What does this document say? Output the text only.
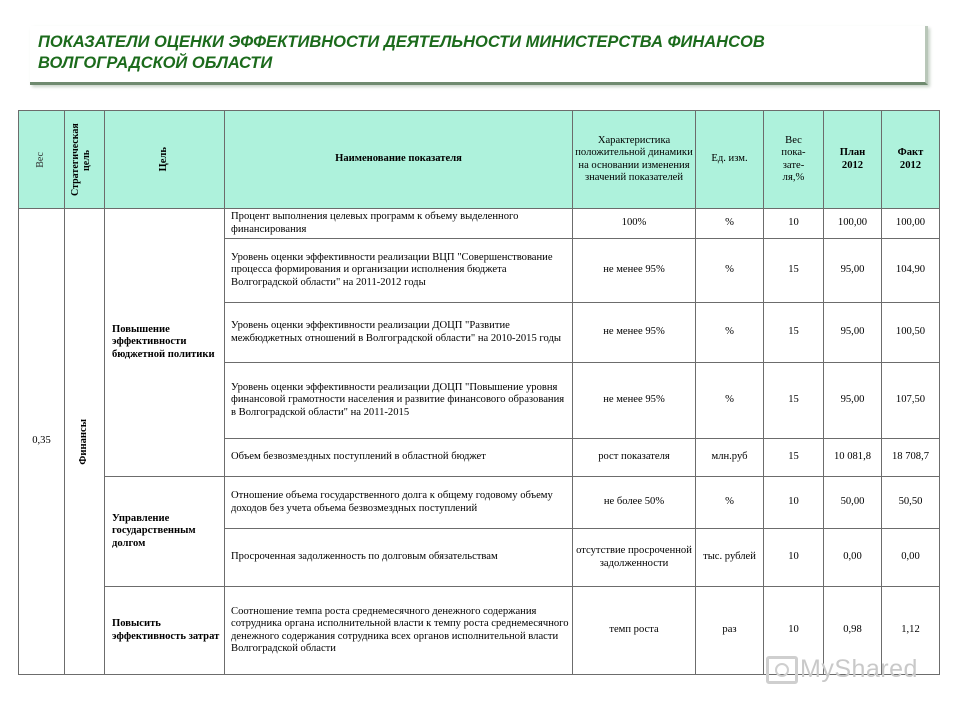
ПОКАЗАТЕЛИ ОЦЕНКИ ЭФФЕКТИВНОСТИ ДЕЯТЕЛЬНОСТИ МИНИСТЕРСТВА ФИНАНСОВ ВОЛГОГРАДСКОЙ ОБЛАСТИ
Вес	Стратегическая цель	Цель	Наименование показателя	Характеристика положительной динамики на основании изменения значений показателей	Ед. изм.	Вес пока- зате- ля,%	План 2012	Факт 2012
0,35	Финансы	Повышение эффективности бюджетной политики	Процент выполнения целевых программ к объему выделенного финансирования	100%	%	10	100,00	100,00
			Уровень оценки эффективности реализации ВЦП "Совершенствование процесса формирования и организации исполнения бюджета Волгоградской области" на 2011-2012 годы	не менее 95%	%	15	95,00	104,90
			Уровень оценки эффективности реализации ДОЦП "Развитие межбюджетных отношений в Волгоградской области" на 2010-2015 годы	не менее 95%	%	15	95,00	100,50
			Уровень оценки эффективности реализации ДОЦП "Повышение уровня финансовой грамотности населения и развитие финансового образования в Волгоградской области" на 2011-2015	не менее 95%	%	15	95,00	107,50
			Объем безвозмездных поступлений в областной бюджет	рост показателя	млн.руб	15	10 081,8	18 708,7
		Управление государственным долгом	Отношение объема государственного долга к общему годовому объему доходов без учета объема безвозмездных поступлений	не более 50%	%	10	50,00	50,50
			Просроченная задолженность по долговым обязательствам	отсутствие просроченной задолженности	тыс. рублей	10	0,00	0,00
		Повысить эффективность затрат	Соотношение темпа роста среднемесячного денежного содержания сотрудника органа исполнительной власти к темпу роста среднемесячного денежного содержания сотрудника всех органов исполнительной власти Волгоградской области	темп роста	раз	10	0,98	1,12
MyShared
